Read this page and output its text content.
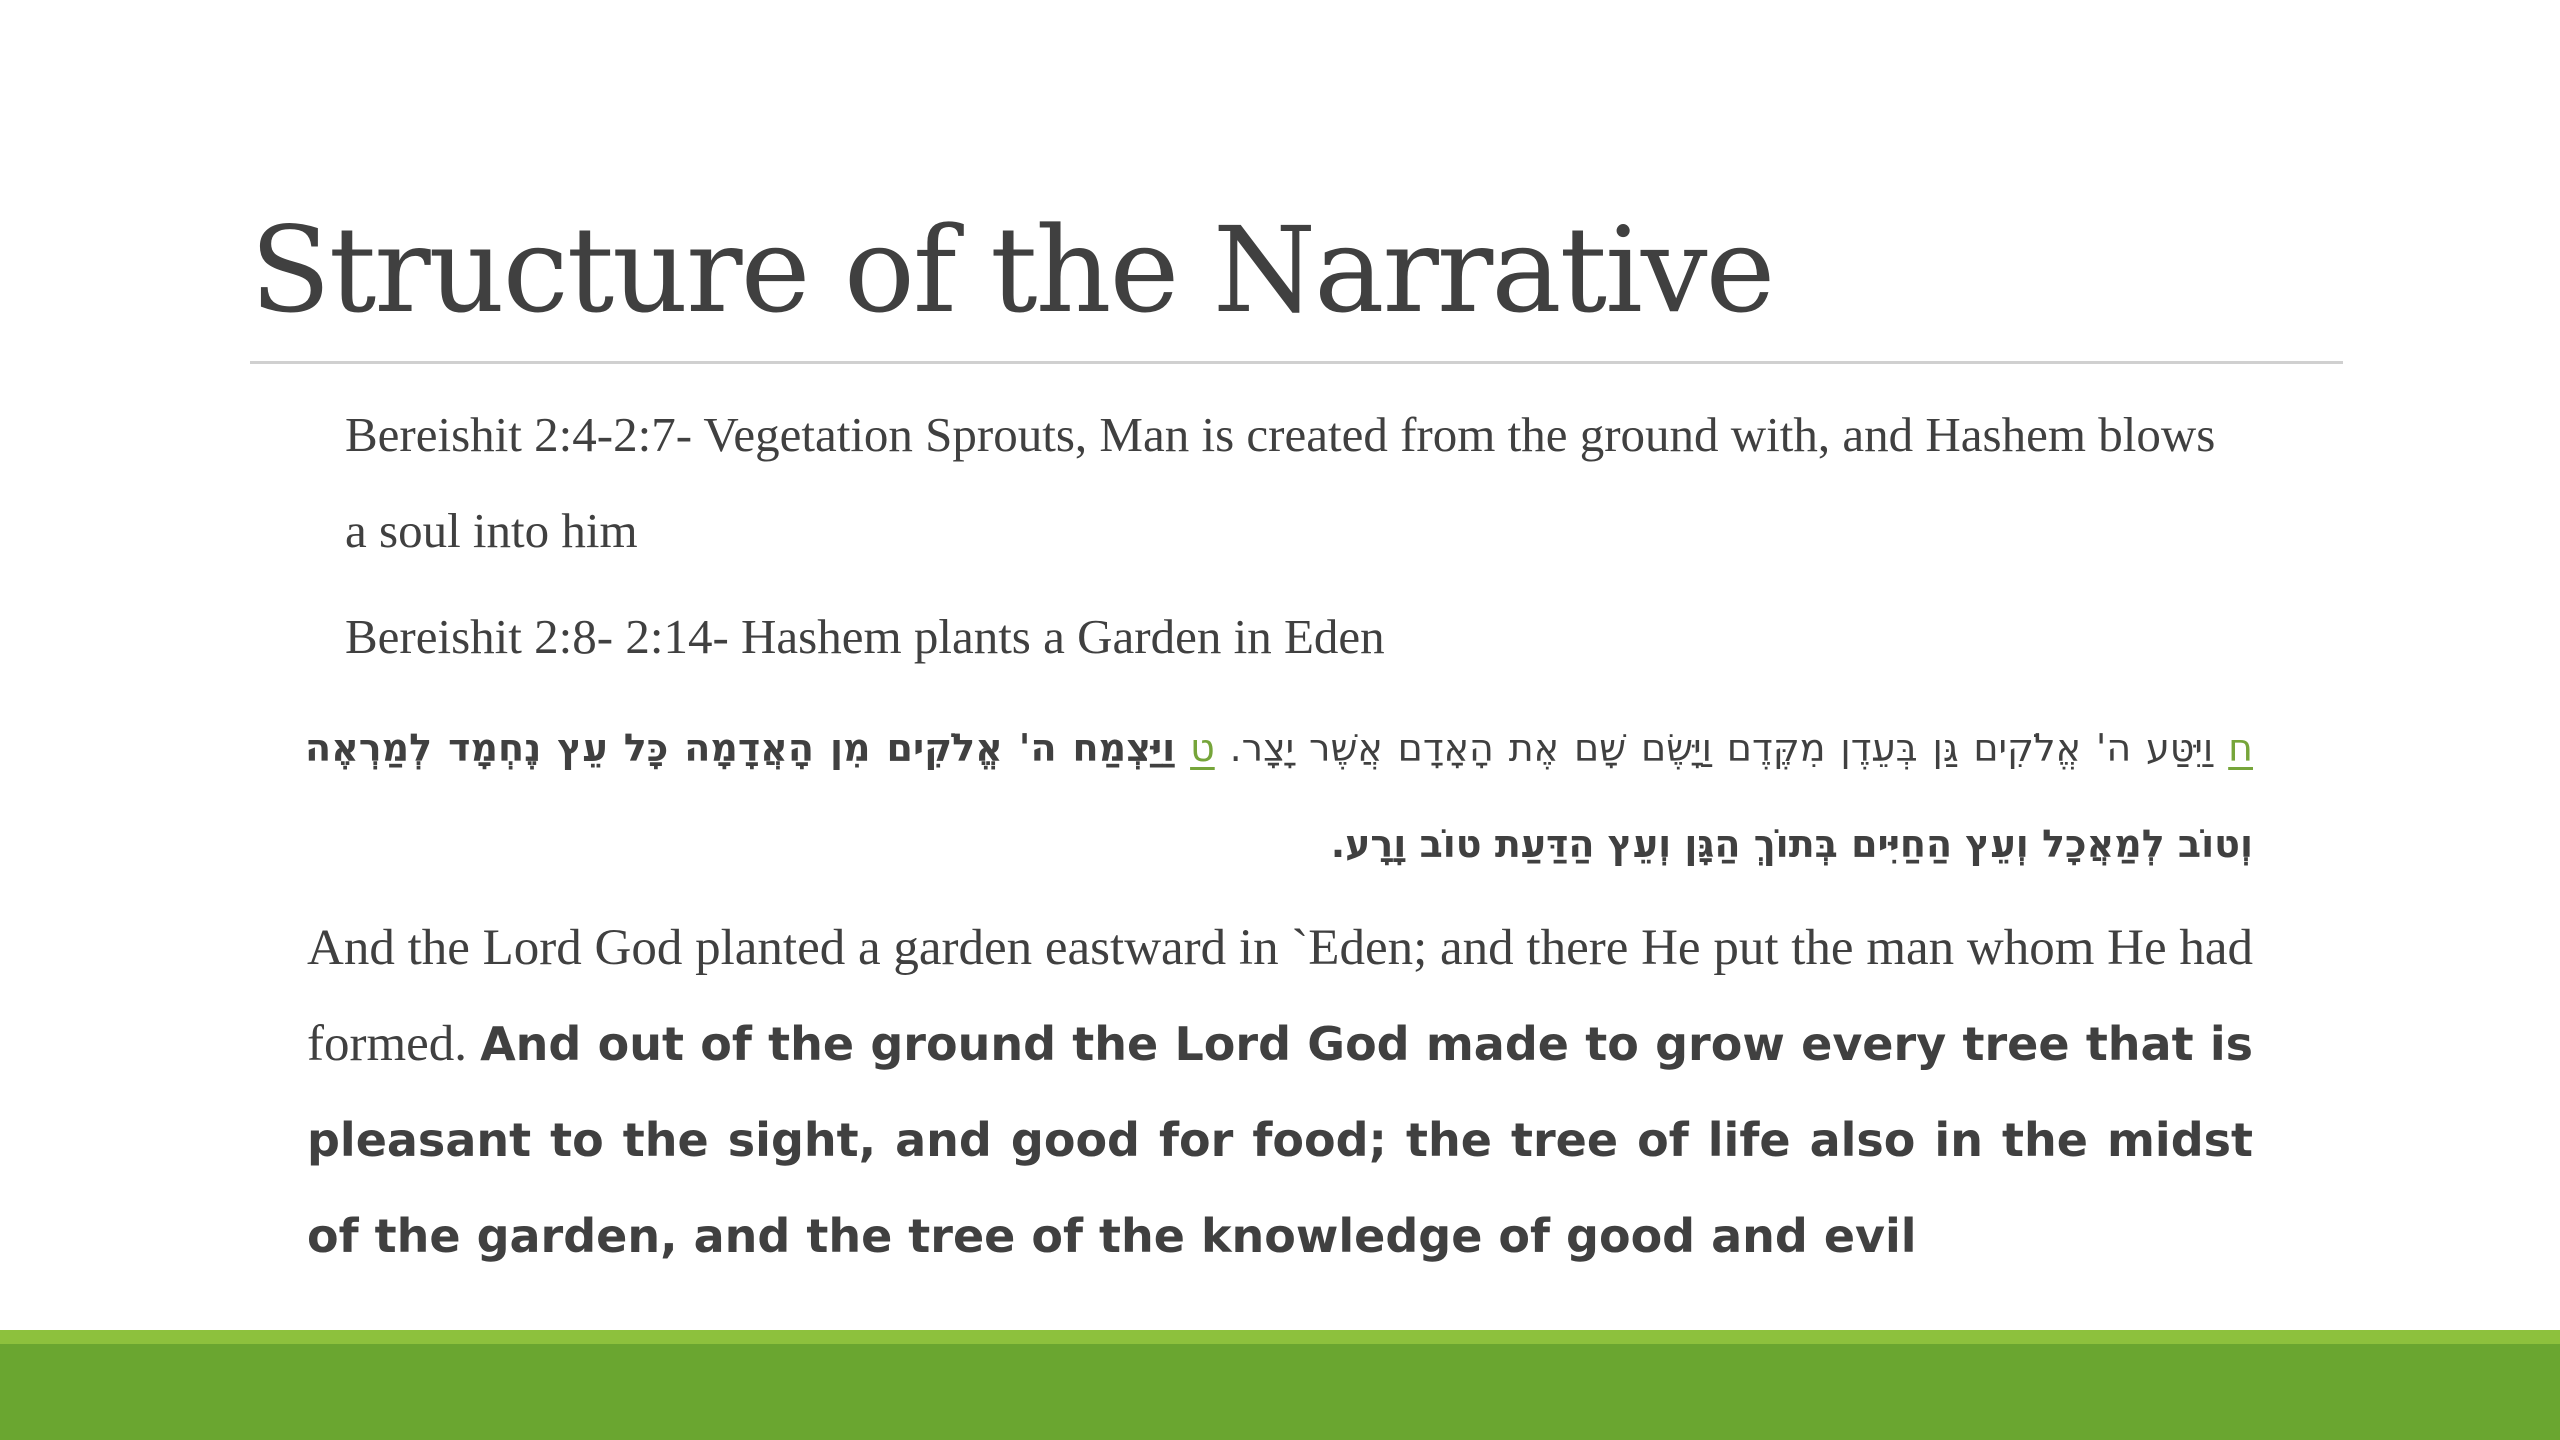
Structure of the Narrative

Bereishit 2:4-2:7- Vegetation Sprouts, Man is created from the ground with, and Hashem blows a soul into him

Bereishit 2:8- 2:14- Hashem plants a Garden in Eden

ח וַיִּטַּע ה' אֱלֹקִים גַּן בְּעֵדֶן מִקֶּדֶם וַיָּשֶׂם שָׁם אֶת הָאָדָם אֲשֶׁר יָצָר. ט וַיַּצְמַח ה' אֱלֹקִים מִן הָאֲדָמָה כָּל עֵץ נֶחְמָד לְמַרְאֶה וְטוֹב לְמַאֲכָל וְעֵץ הַחַיִּים בְּתוֹךְ הַגָּן וְעֵץ הַדַּעַת טוֹב וָרָע.

And the Lord God planted a garden eastward in `Eden; and there He put the man whom He had formed. And out of the ground the Lord God made to grow every tree that is pleasant to the sight, and good for food; the tree of life also in the midst of the garden, and the tree of the knowledge of good and evil
